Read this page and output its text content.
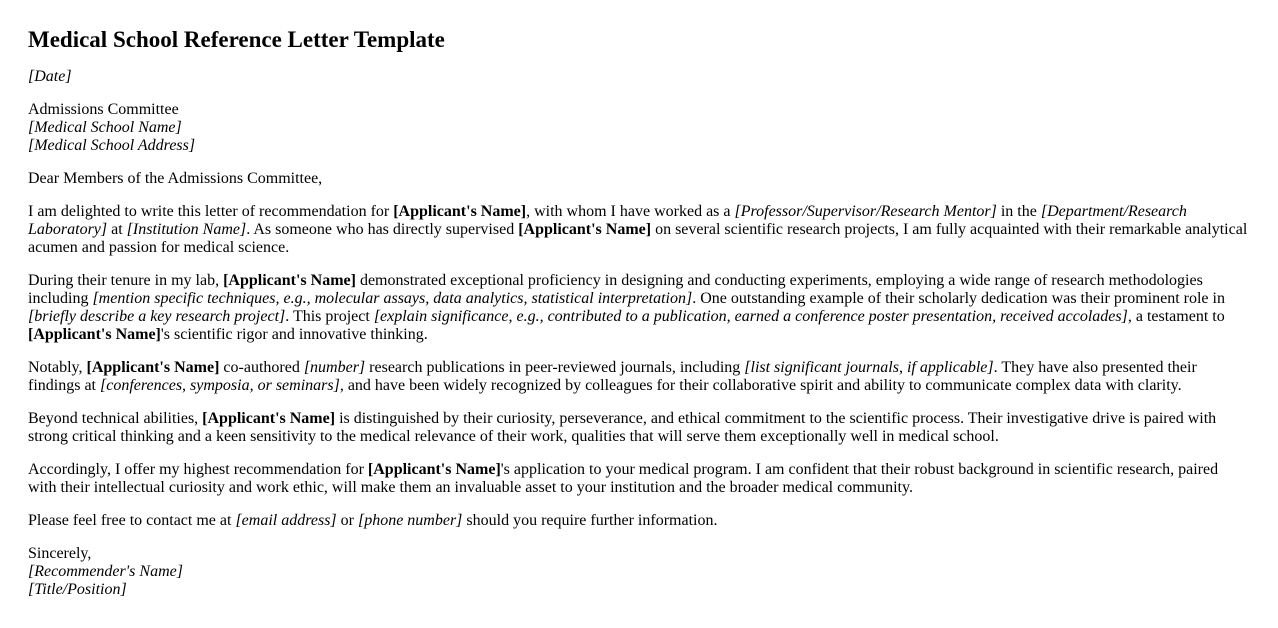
Medical School Reference Letter Template

[Date]

Admissions Committee
[Medical School Name]
[Medical School Address]

Dear Members of the Admissions Committee,

I am delighted to write this letter of recommendation for [Applicant's Name], with whom I have worked as a [Professor/Supervisor/Research Mentor] in the [Department/Research Laboratory] at [Institution Name]. As someone who has directly supervised [Applicant's Name] on several scientific research projects, I am fully acquainted with their remarkable analytical acumen and passion for medical science.

During their tenure in my lab, [Applicant's Name] demonstrated exceptional proficiency in designing and conducting experiments, employing a wide range of research methodologies including [mention specific techniques, e.g., molecular assays, data analytics, statistical interpretation]. One outstanding example of their scholarly dedication was their prominent role in [briefly describe a key research project]. This project [explain significance, e.g., contributed to a publication, earned a conference poster presentation, received accolades], a testament to [Applicant's Name]'s scientific rigor and innovative thinking.

Notably, [Applicant's Name] co-authored [number] research publications in peer-reviewed journals, including [list significant journals, if applicable]. They have also presented their findings at [conferences, symposia, or seminars], and have been widely recognized by colleagues for their collaborative spirit and ability to communicate complex data with clarity.

Beyond technical abilities, [Applicant's Name] is distinguished by their curiosity, perseverance, and ethical commitment to the scientific process. Their investigative drive is paired with strong critical thinking and a keen sensitivity to the medical relevance of their work, qualities that will serve them exceptionally well in medical school.

Accordingly, I offer my highest recommendation for [Applicant's Name]'s application to your medical program. I am confident that their robust background in scientific research, paired with their intellectual curiosity and work ethic, will make them an invaluable asset to your institution and the broader medical community.

Please feel free to contact me at [email address] or [phone number] should you require further information.

Sincerely,
[Recommender's Name]
[Title/Position]
